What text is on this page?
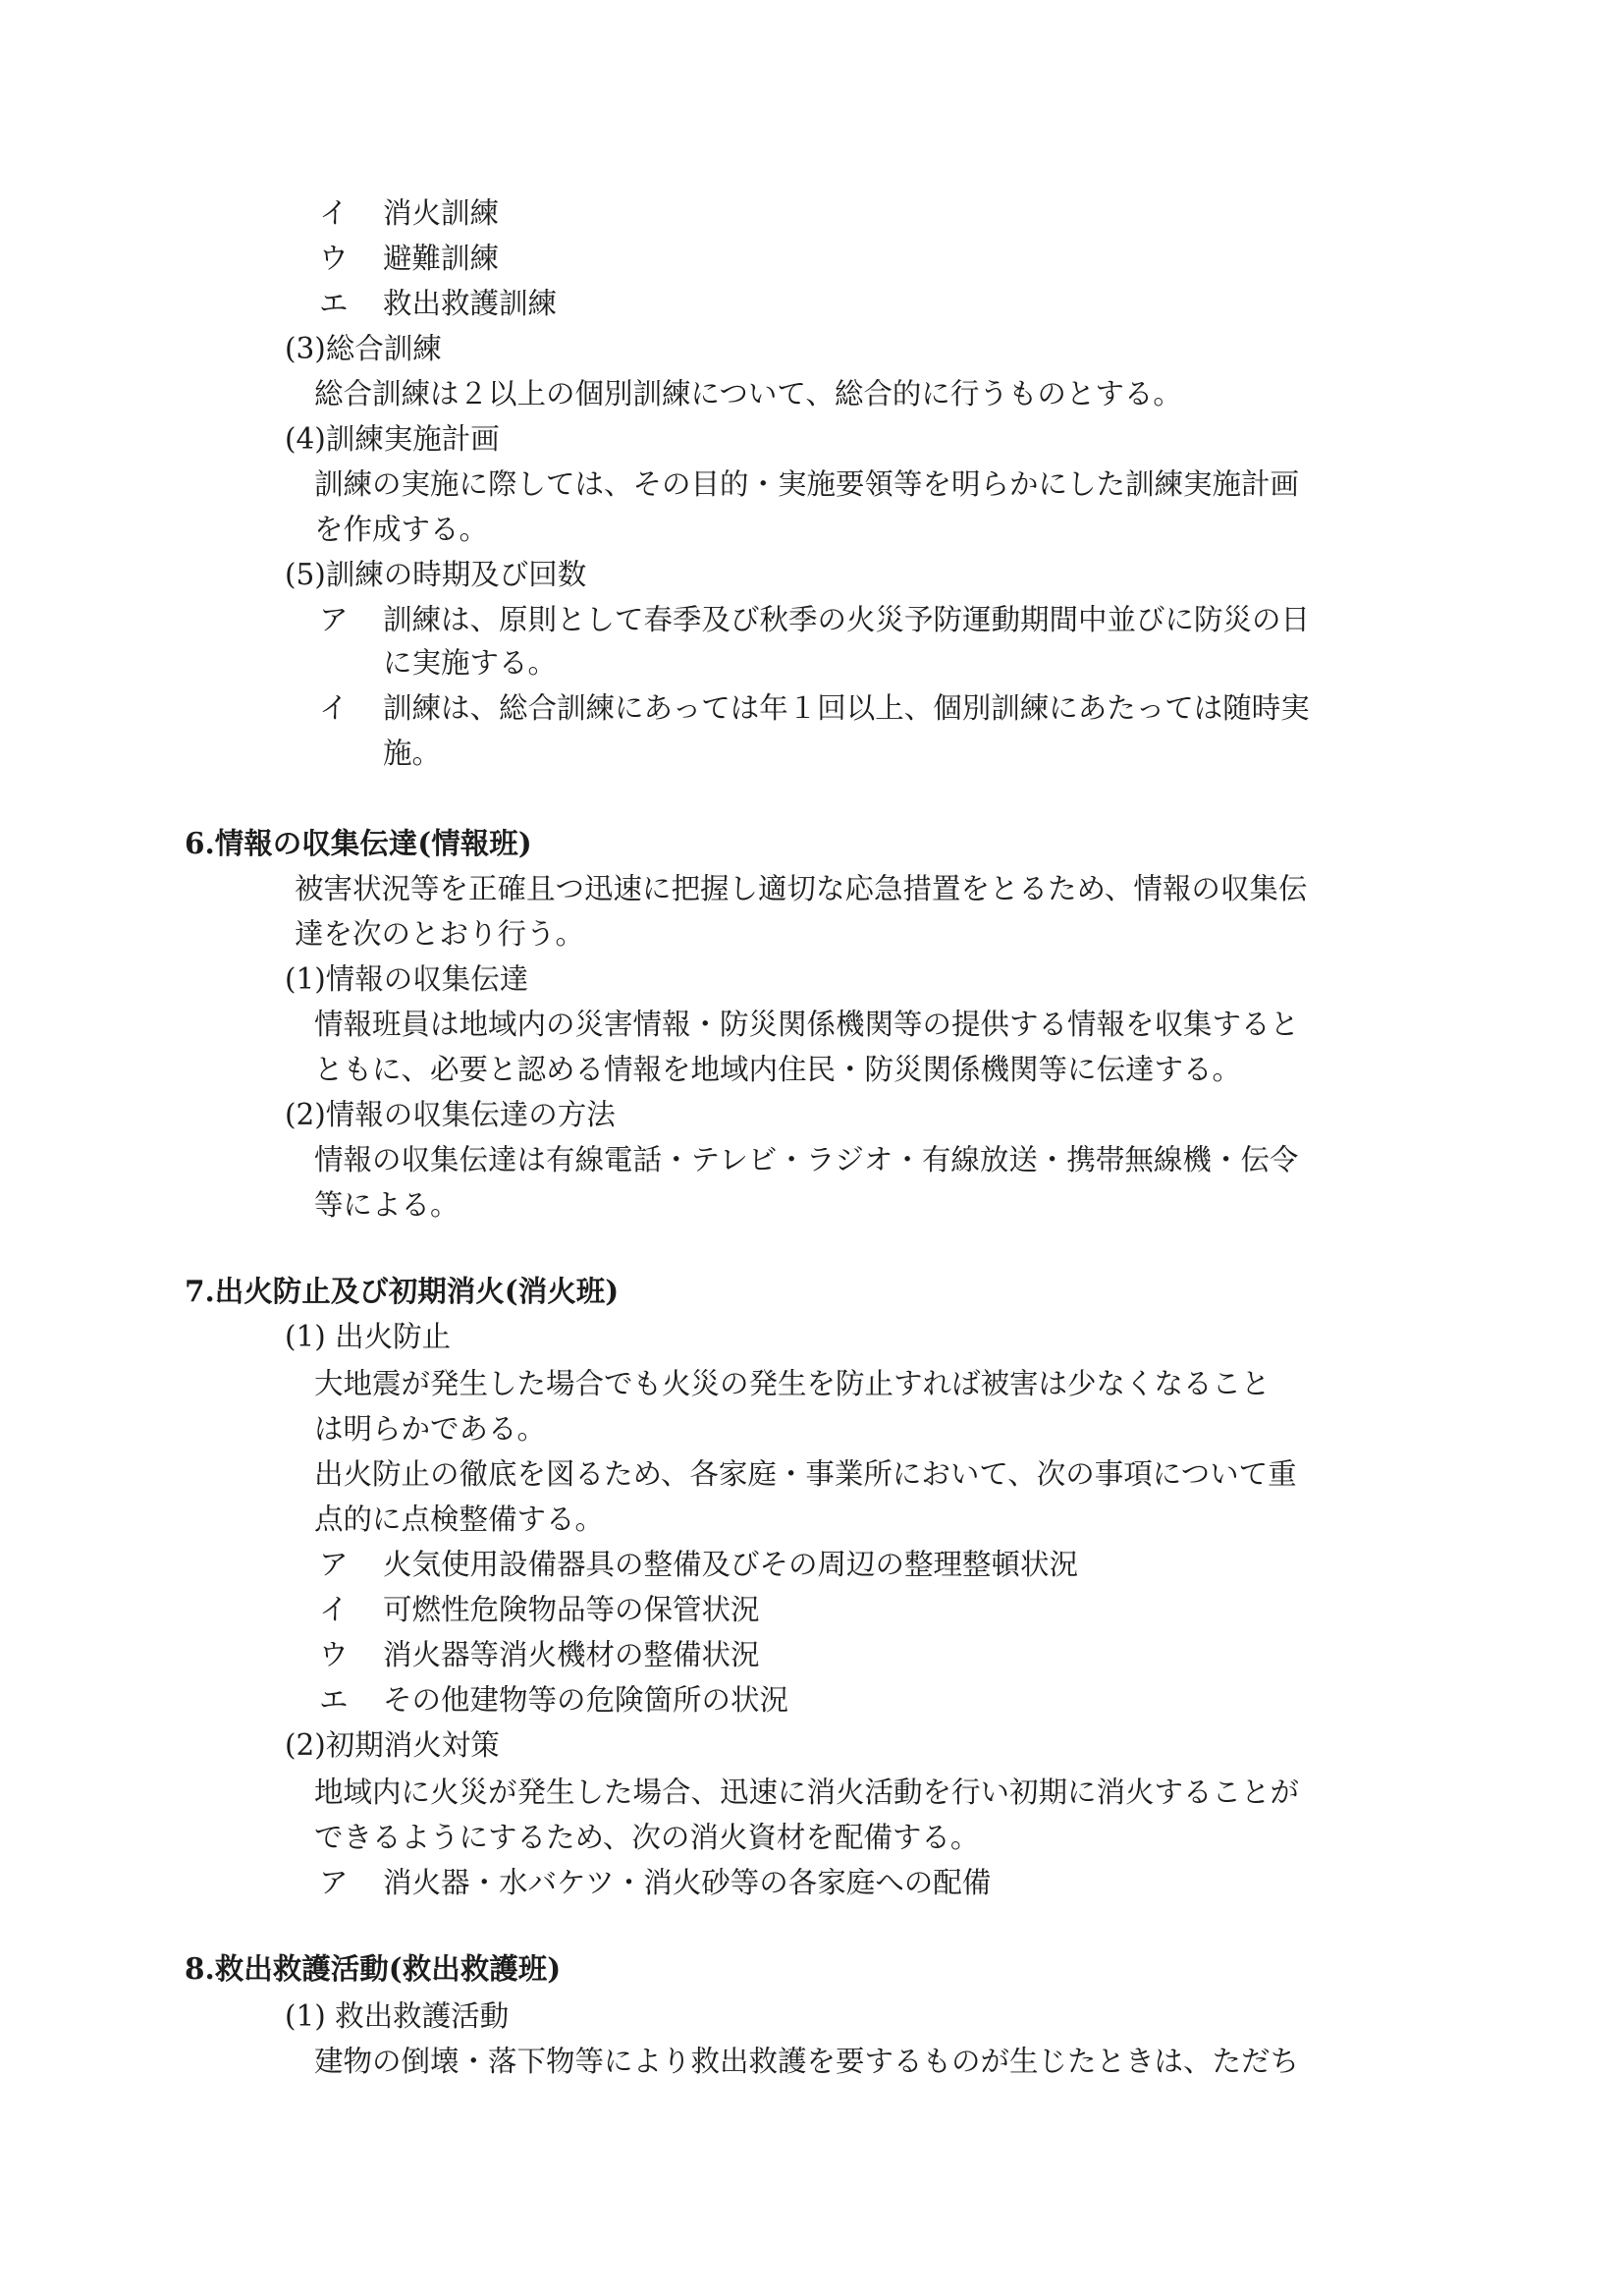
イ 消火訓練
ウ 避難訓練
エ 救出救護訓練
(3)総合訓練
総合訓練は２以上の個別訓練について、総合的に行うものとする。
(4)訓練実施計画
訓練の実施に際しては、その目的・実施要領等を明らかにした訓練実施計画
を作成する。
(5)訓練の時期及び回数
ア 訓練は、原則として春季及び秋季の火災予防運動期間中並びに防災の日
に実施する。
イ 訓練は、総合訓練にあっては年１回以上、個別訓練にあたっては随時実
施。
6.情報の収集伝達(情報班)
被害状況等を正確且つ迅速に把握し適切な応急措置をとるため、情報の収集伝
達を次のとおり行う。
(1)情報の収集伝達
情報班員は地域内の災害情報・防災関係機関等の提供する情報を収集すると
ともに、必要と認める情報を地域内住民・防災関係機関等に伝達する。
(2)情報の収集伝達の方法
情報の収集伝達は有線電話・テレビ・ラジオ・有線放送・携帯無線機・伝令
等による。
7.出火防止及び初期消火(消火班)
(1) 出火防止
大地震が発生した場合でも火災の発生を防止すれば被害は少なくなること
は明らかである。
出火防止の徹底を図るため、各家庭・事業所において、次の事項について重
点的に点検整備する。
ア 火気使用設備器具の整備及びその周辺の整理整頓状況
イ 可燃性危険物品等の保管状況
ウ 消火器等消火機材の整備状況
エ その他建物等の危険箇所の状況
(2)初期消火対策
地域内に火災が発生した場合、迅速に消火活動を行い初期に消火することが
できるようにするため、次の消火資材を配備する。
ア 消火器・水バケツ・消火砂等の各家庭への配備
8.救出救護活動(救出救護班)
(1) 救出救護活動
建物の倒壊・落下物等により救出救護を要するものが生じたときは、ただち
